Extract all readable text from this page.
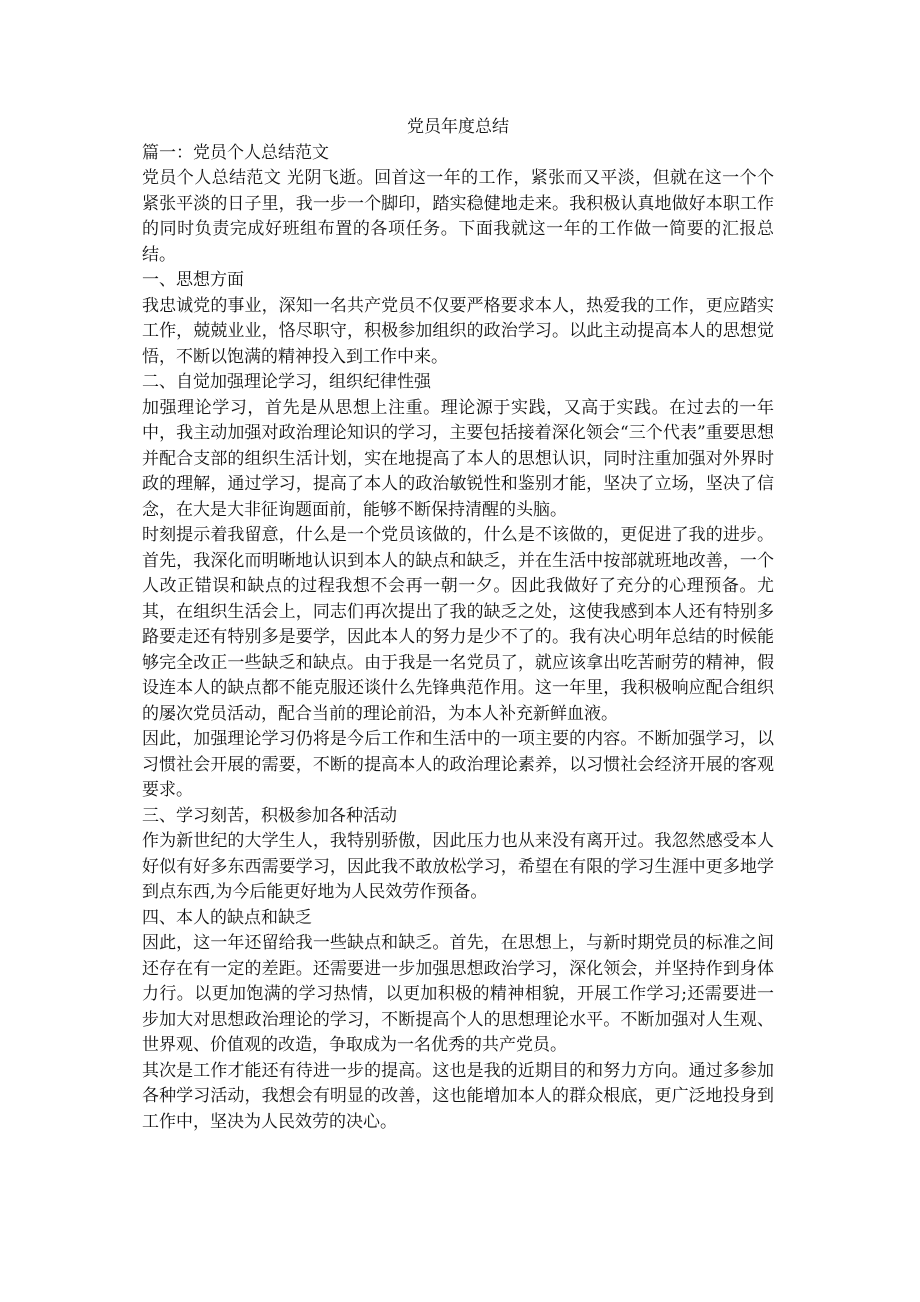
党员年度总结

篇一：党员个人总结范文

党员个人总结范文 光阴飞逝。回首这一年的工作，紧张而又平淡，但就在这一个个紧张平淡的日子里，我一步一个脚印，踏实稳健地走来。我积极认真地做好本职工作的同时负责完成好班组布置的各项任务。下面我就这一年的工作做一简要的汇报总结。

一、思想方面

我忠诚党的事业，深知一名共产党员不仅要严格要求本人，热爱我的工作，更应踏实工作，兢兢业业，恪尽职守，积极参加组织的政治学习。以此主动提高本人的思想觉悟，不断以饱满的精神投入到工作中来。

二、自觉加强理论学习，组织纪律性强

加强理论学习，首先是从思想上注重。理论源于实践，又高于实践。在过去的一年中，我主动加强对政治理论知识的学习，主要包括接着深化领会“三个代表”重要思想并配合支部的组织生活计划，实在地提高了本人的思想认识，同时注重加强对外界时政的理解，通过学习，提高了本人的政治敏锐性和鉴别才能，坚决了立场，坚决了信念，在大是大非征询题面前，能够不断保持清醒的头脑。

时刻提示着我留意，什么是一个党员该做的，什么是不该做的，更促进了我的进步。首先，我深化而明晰地认识到本人的缺点和缺乏，并在生活中按部就班地改善，一个人改正错误和缺点的过程我想不会再一朝一夕。因此我做好了充分的心理预备。尤其，在组织生活会上，同志们再次提出了我的缺乏之处，这使我感到本人还有特别多路要走还有特别多是要学，因此本人的努力是少不了的。我有决心明年总结的时候能够完全改正一些缺乏和缺点。由于我是一名党员了，就应该拿出吃苦耐劳的精神，假设连本人的缺点都不能克服还谈什么先锋典范作用。这一年里，我积极响应配合组织的屡次党员活动，配合当前的理论前沿，为本人补充新鲜血液。

因此，加强理论学习仍将是今后工作和生活中的一项主要的内容。不断加强学习，以习惯社会开展的需要，不断的提高本人的政治理论素养，以习惯社会经济开展的客观要求。

三、学习刻苦，积极参加各种活动

作为新世纪的大学生人，我特别骄傲，因此压力也从来没有离开过。我忽然感受本人好似有好多东西需要学习，因此我不敢放松学习，希望在有限的学习生涯中更多地学到点东西,为今后能更好地为人民效劳作预备。

四、本人的缺点和缺乏

因此，这一年还留给我一些缺点和缺乏。首先，在思想上，与新时期党员的标准之间还存在有一定的差距。还需要进一步加强思想政治学习，深化领会，并坚持作到身体力行。以更加饱满的学习热情，以更加积极的精神相貌，开展工作学习;还需要进一步加大对思想政治理论的学习，不断提高个人的思想理论水平。不断加强对人生观、世界观、价值观的改造，争取成为一名优秀的共产党员。

其次是工作才能还有待进一步的提高。这也是我的近期目的和努力方向。通过多参加各种学习活动，我想会有明显的改善，这也能增加本人的群众根底，更广泛地投身到工作中，坚决为人民效劳的决心。
